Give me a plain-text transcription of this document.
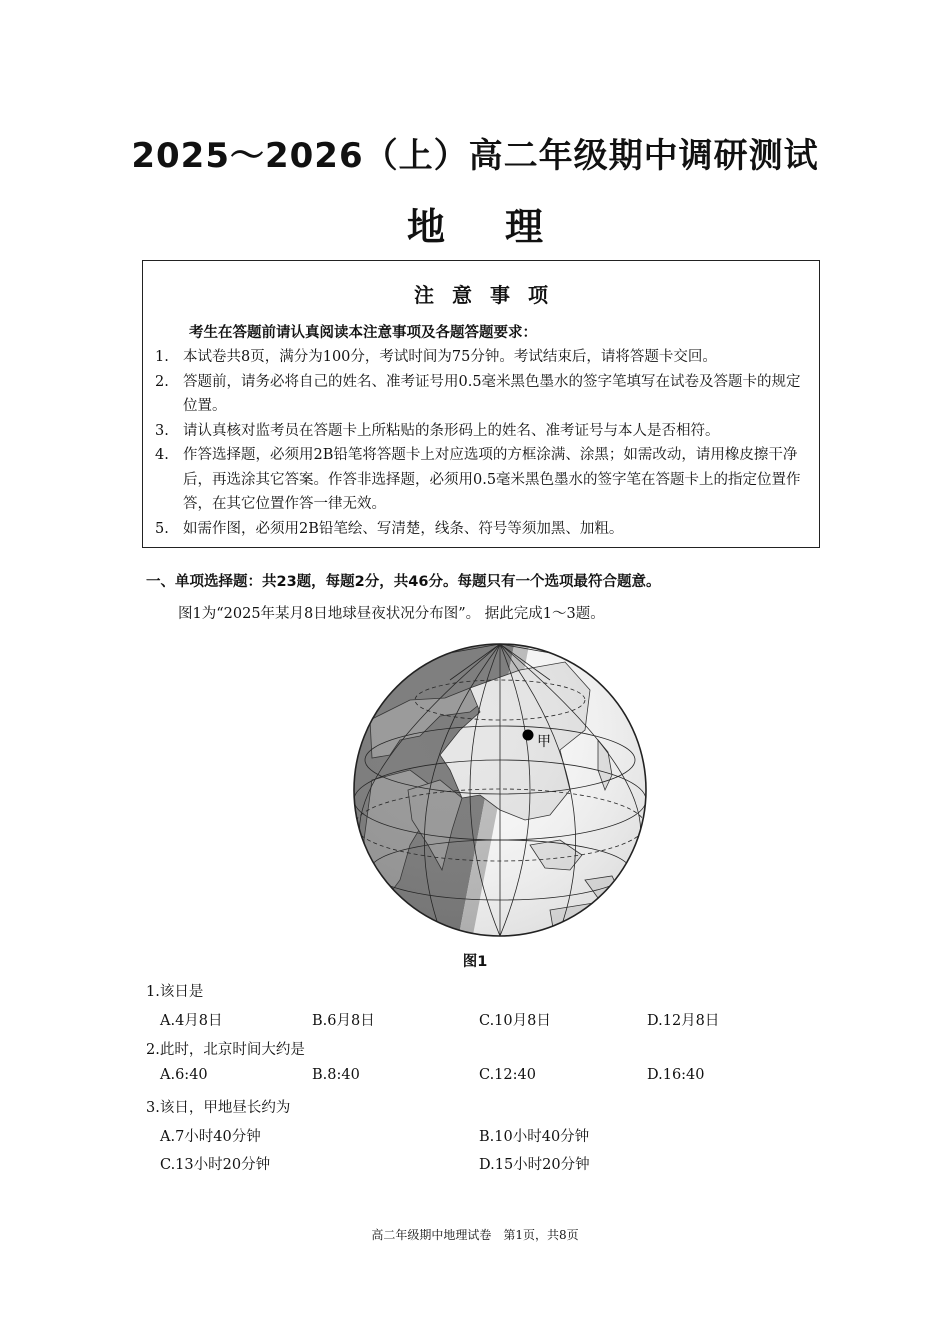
2025～2026（上）高二年级期中调研测试
地理
注意事项
考生在答题前请认真阅读本注意事项及各题答题要求：
1. 本试卷共8页，满分为100分，考试时间为75分钟。考试结束后，请将答题卡交回。
2. 答题前，请务必将自己的姓名、准考证号用0.5毫米黑色墨水的签字笔填写在试卷及答题卡的规定位置。
3. 请认真核对监考员在答题卡上所粘贴的条形码上的姓名、准考证号与本人是否相符。
4. 作答选择题，必须用2B铅笔将答题卡上对应选项的方框涂满、涂黑；如需改动，请用橡皮擦干净后，再选涂其它答案。作答非选择题，必须用0.5毫米黑色墨水的签字笔在答题卡上的指定位置作答，在其它位置作答一律无效。
5. 如需作图，必须用2B铅笔绘、写清楚，线条、符号等须加黑、加粗。
一、单项选择题：共23题，每题2分，共46分。每题只有一个选项最符合题意。
图1为“2025年某月8日地球昼夜状况分布图”。 据此完成1～3题。
甲
图1
1.该日是
A.4月8日	B.6月8日	C.10月8日	D.12月8日
2.此时，北京时间大约是
A.6:40	B.8:40	C.12:40	D.16:40
3.该日，甲地昼长约为
A.7小时40分钟	B.10小时40分钟
C.13小时20分钟	D.15小时20分钟
高二年级期中地理试卷　第1页，共8页
